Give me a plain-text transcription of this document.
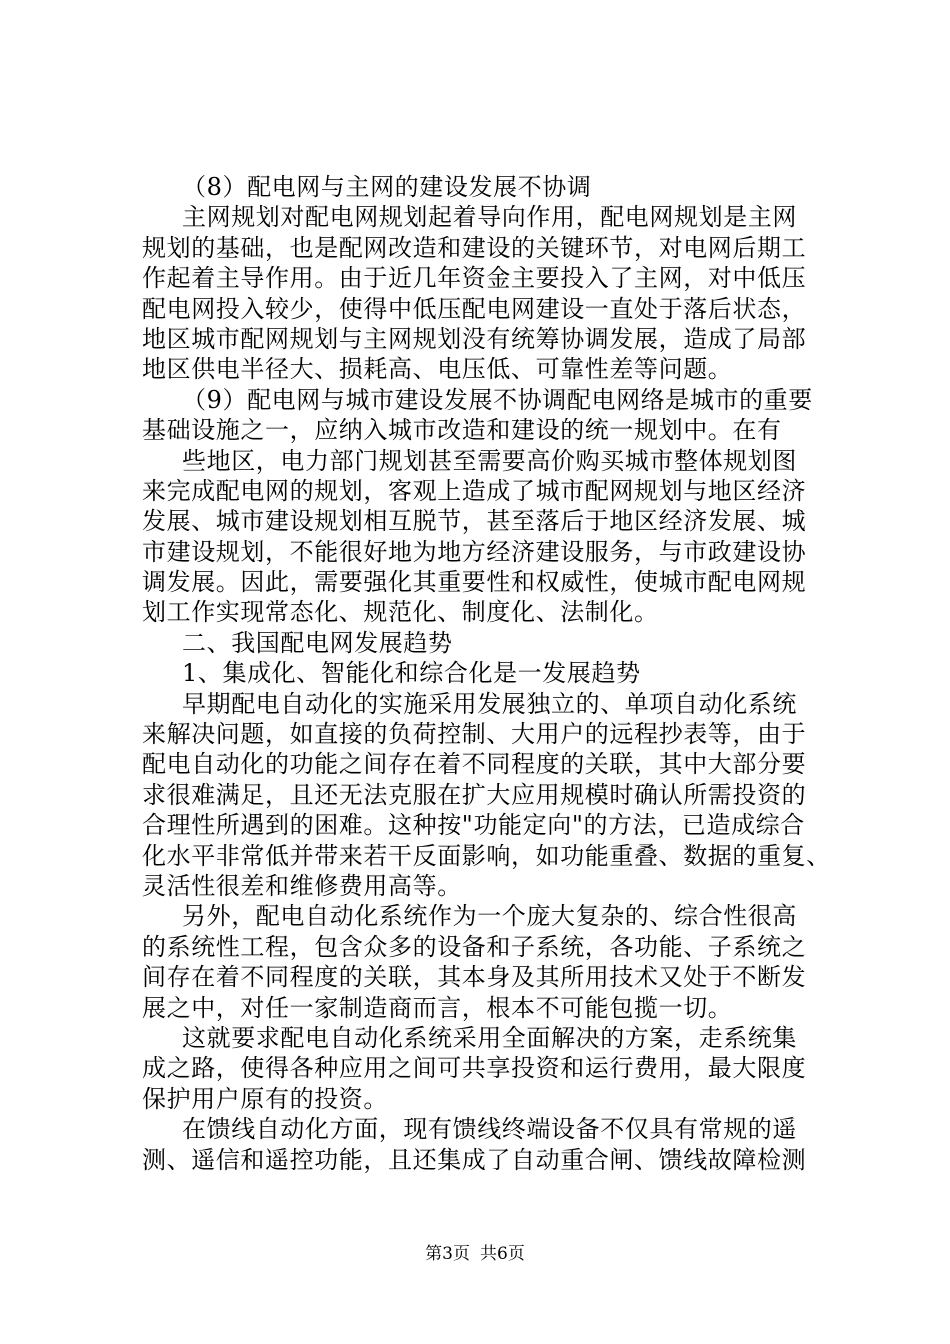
（8）配电网与主网的建设发展不协调
主网规划对配电网规划起着导向作用，配电网规划是主网
规划的基础，也是配网改造和建设的关键环节，对电网后期工
作起着主导作用。由于近几年资金主要投入了主网，对中低压
配电网投入较少，使得中低压配电网建设一直处于落后状态，
地区城市配网规划与主网规划没有统筹协调发展，造成了局部
地区供电半径大、损耗高、电压低、可靠性差等问题。
（9）配电网与城市建设发展不协调配电网络是城市的重要
基础设施之一，应纳入城市改造和建设的统一规划中。在有
些地区，电力部门规划甚至需要高价购买城市整体规划图
来完成配电网的规划，客观上造成了城市配网规划与地区经济
发展、城市建设规划相互脱节，甚至落后于地区经济发展、城
市建设规划，不能很好地为地方经济建设服务，与市政建设协
调发展。因此，需要强化其重要性和权威性，使城市配电网规
划工作实现常态化、规范化、制度化、法制化。
二、我国配电网发展趋势
1、集成化、智能化和综合化是一发展趋势
早期配电自动化的实施采用发展独立的、单项自动化系统
来解决问题，如直接的负荷控制、大用户的远程抄表等，由于
配电自动化的功能之间存在着不同程度的关联，其中大部分要
求很难满足，且还无法克服在扩大应用规模时确认所需投资的
合理性所遇到的困难。这种按"功能定向"的方法，已造成综合
化水平非常低并带来若干反面影响，如功能重叠、数据的重复、
灵活性很差和维修费用高等。
另外，配电自动化系统作为一个庞大复杂的、综合性很高
的系统性工程，包含众多的设备和子系统，各功能、子系统之
间存在着不同程度的关联，其本身及其所用技术又处于不断发
展之中，对任一家制造商而言，根本不可能包揽一切。
这就要求配电自动化系统采用全面解决的方案，走系统集
成之路，使得各种应用之间可共享投资和运行费用，最大限度
保护用户原有的投资。
在馈线自动化方面，现有馈线终端设备不仅具有常规的遥
测、遥信和遥控功能，且还集成了自动重合闸、馈线故障检测
第3页 共6页
